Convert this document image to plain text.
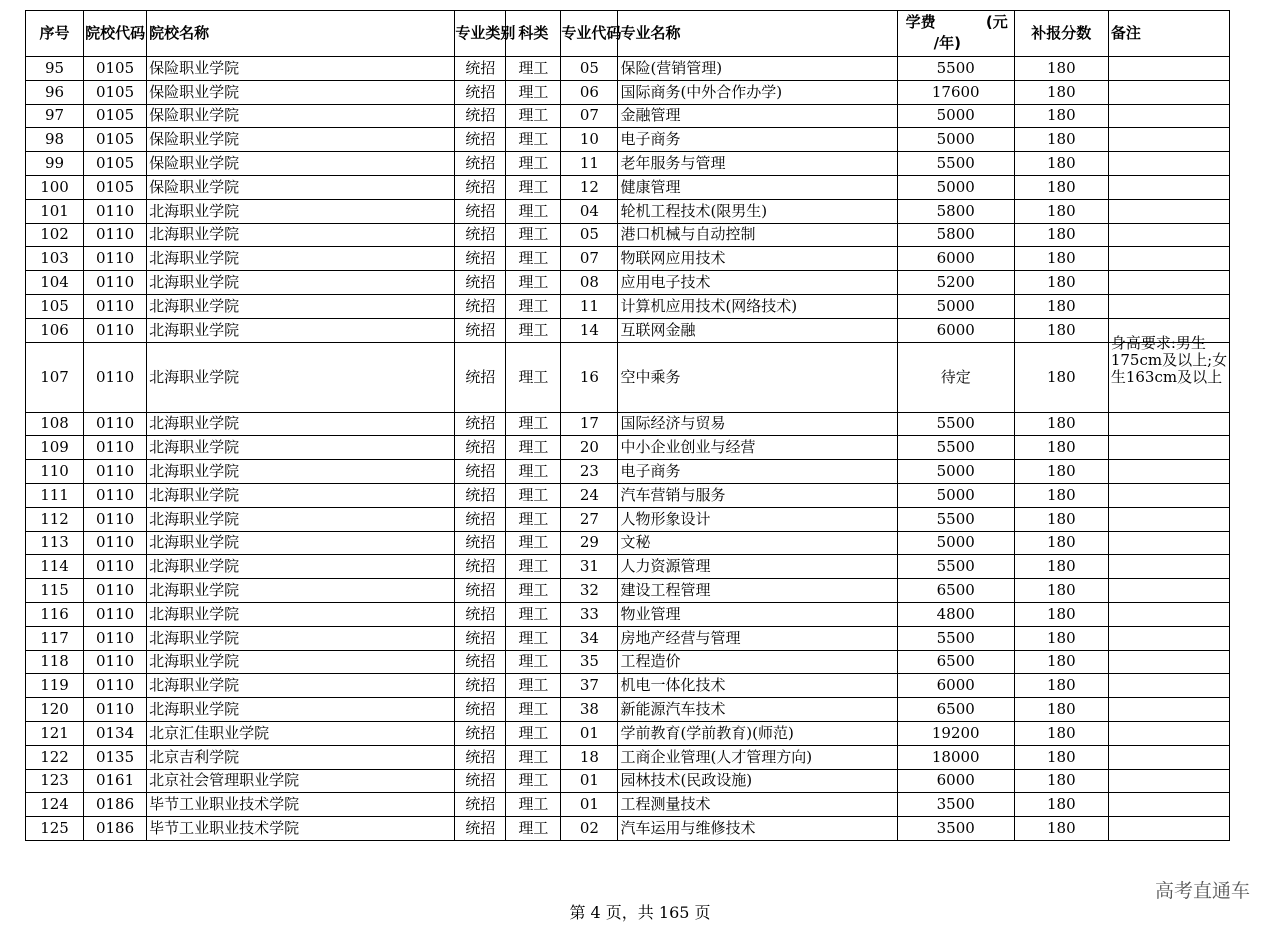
序号	院校代码	院校名称	专业类别	科类	专业代码	专业名称	学费 (元
/年)	补报分数	备注
95	0105	保险职业学院	统招	理工	05	保险(营销管理)	5500	180	
96	0105	保险职业学院	统招	理工	06	国际商务(中外合作办学)	17600	180	
97	0105	保险职业学院	统招	理工	07	金融管理	5000	180	
98	0105	保险职业学院	统招	理工	10	电子商务	5000	180	
99	0105	保险职业学院	统招	理工	11	老年服务与管理	5500	180	
100	0105	保险职业学院	统招	理工	12	健康管理	5000	180	
101	0110	北海职业学院	统招	理工	04	轮机工程技术(限男生)	5800	180	
102	0110	北海职业学院	统招	理工	05	港口机械与自动控制	5800	180	
103	0110	北海职业学院	统招	理工	07	物联网应用技术	6000	180	
104	0110	北海职业学院	统招	理工	08	应用电子技术	5200	180	
105	0110	北海职业学院	统招	理工	11	计算机应用技术(网络技术)	5000	180	
106	0110	北海职业学院	统招	理工	14	互联网金融	6000	180	
107	0110	北海职业学院	统招	理工	16	空中乘务	待定	180	身高要求:男生175cm及以上;女生163cm及以上

108	0110	北海职业学院	统招	理工	17	国际经济与贸易	5500	180	
109	0110	北海职业学院	统招	理工	20	中小企业创业与经营	5500	180	
110	0110	北海职业学院	统招	理工	23	电子商务	5000	180	
111	0110	北海职业学院	统招	理工	24	汽车营销与服务	5000	180	
112	0110	北海职业学院	统招	理工	27	人物形象设计	5500	180	
113	0110	北海职业学院	统招	理工	29	文秘	5000	180	
114	0110	北海职业学院	统招	理工	31	人力资源管理	5500	180	
115	0110	北海职业学院	统招	理工	32	建设工程管理	6500	180	
116	0110	北海职业学院	统招	理工	33	物业管理	4800	180	
117	0110	北海职业学院	统招	理工	34	房地产经营与管理	5500	180	
118	0110	北海职业学院	统招	理工	35	工程造价	6500	180	
119	0110	北海职业学院	统招	理工	37	机电一体化技术	6000	180	
120	0110	北海职业学院	统招	理工	38	新能源汽车技术	6500	180	
121	0134	北京汇佳职业学院	统招	理工	01	学前教育(学前教育)(师范)	19200	180	
122	0135	北京吉利学院	统招	理工	18	工商企业管理(人才管理方向)	18000	180	
123	0161	北京社会管理职业学院	统招	理工	01	园林技术(民政设施)	6000	180	
124	0186	毕节工业职业技术学院	统招	理工	01	工程测量技术	3500	180	
125	0186	毕节工业职业技术学院	统招	理工	02	汽车运用与维修技术	3500	180	
第 4 页，共 165 页
高考直通车
